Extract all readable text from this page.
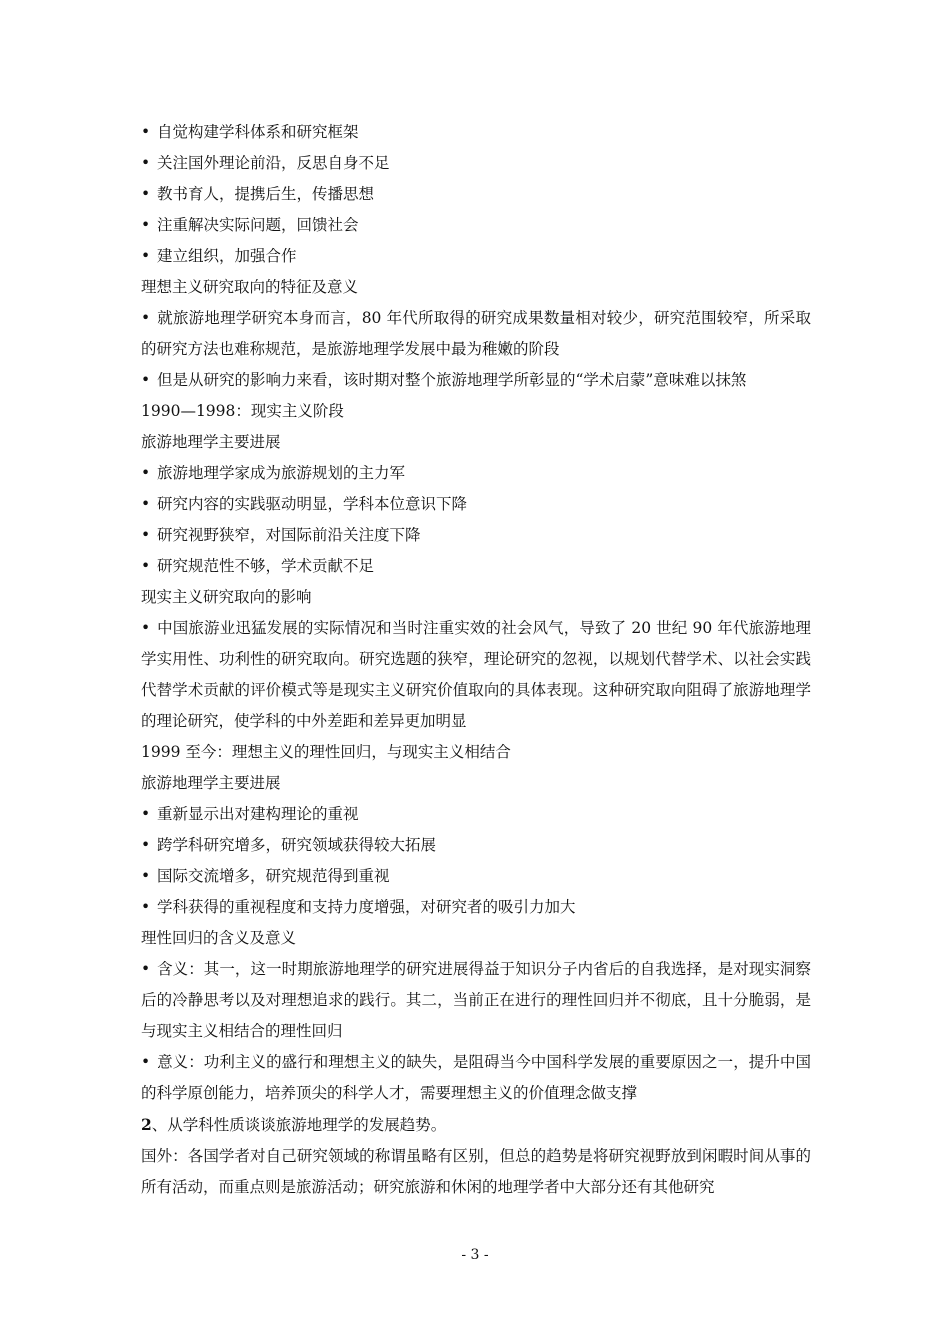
• 自觉构建学科体系和研究框架

• 关注国外理论前沿，反思自身不足

• 教书育人，提携后生，传播思想

• 注重解决实际问题，回馈社会

• 建立组织，加强合作

理想主义研究取向的特征及意义

• 就旅游地理学研究本身而言，80 年代所取得的研究成果数量相对较少，研究范围较窄，所采取的研究方法也难称规范，是旅游地理学发展中最为稚嫩的阶段

• 但是从研究的影响力来看，该时期对整个旅游地理学所彰显的“学术启蒙”意味难以抹煞

1990—1998：现实主义阶段

旅游地理学主要进展

• 旅游地理学家成为旅游规划的主力军

• 研究内容的实践驱动明显，学科本位意识下降

• 研究视野狭窄，对国际前沿关注度下降

• 研究规范性不够，学术贡献不足

现实主义研究取向的影响

• 中国旅游业迅猛发展的实际情况和当时注重实效的社会风气，导致了 20 世纪 90 年代旅游地理学实用性、功利性的研究取向。研究选题的狭窄，理论研究的忽视，以规划代替学术、以社会实践代替学术贡献的评价模式等是现实主义研究价值取向的具体表现。这种研究取向阻碍了旅游地理学的理论研究，使学科的中外差距和差异更加明显

1999 至今：理想主义的理性回归，与现实主义相结合

旅游地理学主要进展

• 重新显示出对建构理论的重视

• 跨学科研究增多，研究领域获得较大拓展

• 国际交流增多，研究规范得到重视

• 学科获得的重视程度和支持力度增强，对研究者的吸引力加大

理性回归的含义及意义

• 含义：其一，这一时期旅游地理学的研究进展得益于知识分子内省后的自我选择，是对现实洞察后的冷静思考以及对理想追求的践行。其二，当前正在进行的理性回归并不彻底，且十分脆弱，是与现实主义相结合的理性回归

• 意义：功利主义的盛行和理想主义的缺失，是阻碍当今中国科学发展的重要原因之一，提升中国的科学原创能力，培养顶尖的科学人才，需要理想主义的价值理念做支撑

2、从学科性质谈谈旅游地理学的发展趋势。

国外：各国学者对自己研究领域的称谓虽略有区别，但总的趋势是将研究视野放到闲暇时间从事的所有活动，而重点则是旅游活动；研究旅游和休闲的地理学者中大部分还有其他研究

- 3 -
